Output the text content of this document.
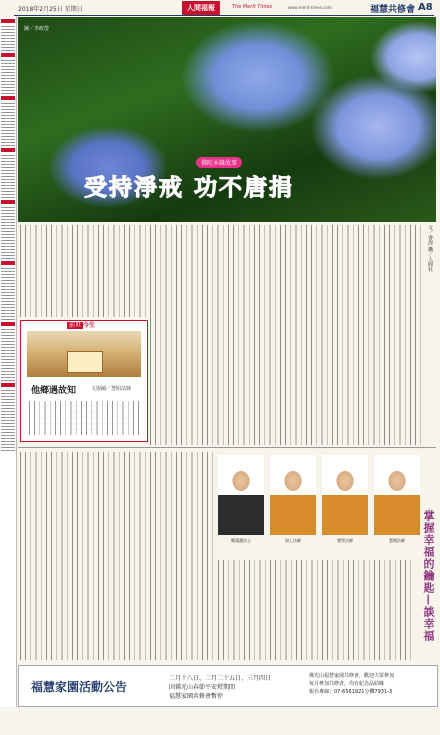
2018年2月25日 星期日	人間福報	The Merit Times	www.merit-times.com	福慧共修會 A8
圖／李政瑩
佛陀本緣故事
受持淨戒 功不唐捐
文／香海 攝／人間社
前世 今生
他鄉遇故知	文與圖／慧昭法師
鄭漢濃居士	如上法師	覺學法師	慧開法師	掌握幸福的鑰匙—談幸福
福慧家園活動公告
二月十八日、二月二十五日、三月四日
因佛光山春節平安燈期間
福慧家園共修會暫停
佛光山福慧家園共修會，歡迎大眾參加
每月參加共修者，均有紀念品結緣
報名專線：07-6561921分機7931-3
